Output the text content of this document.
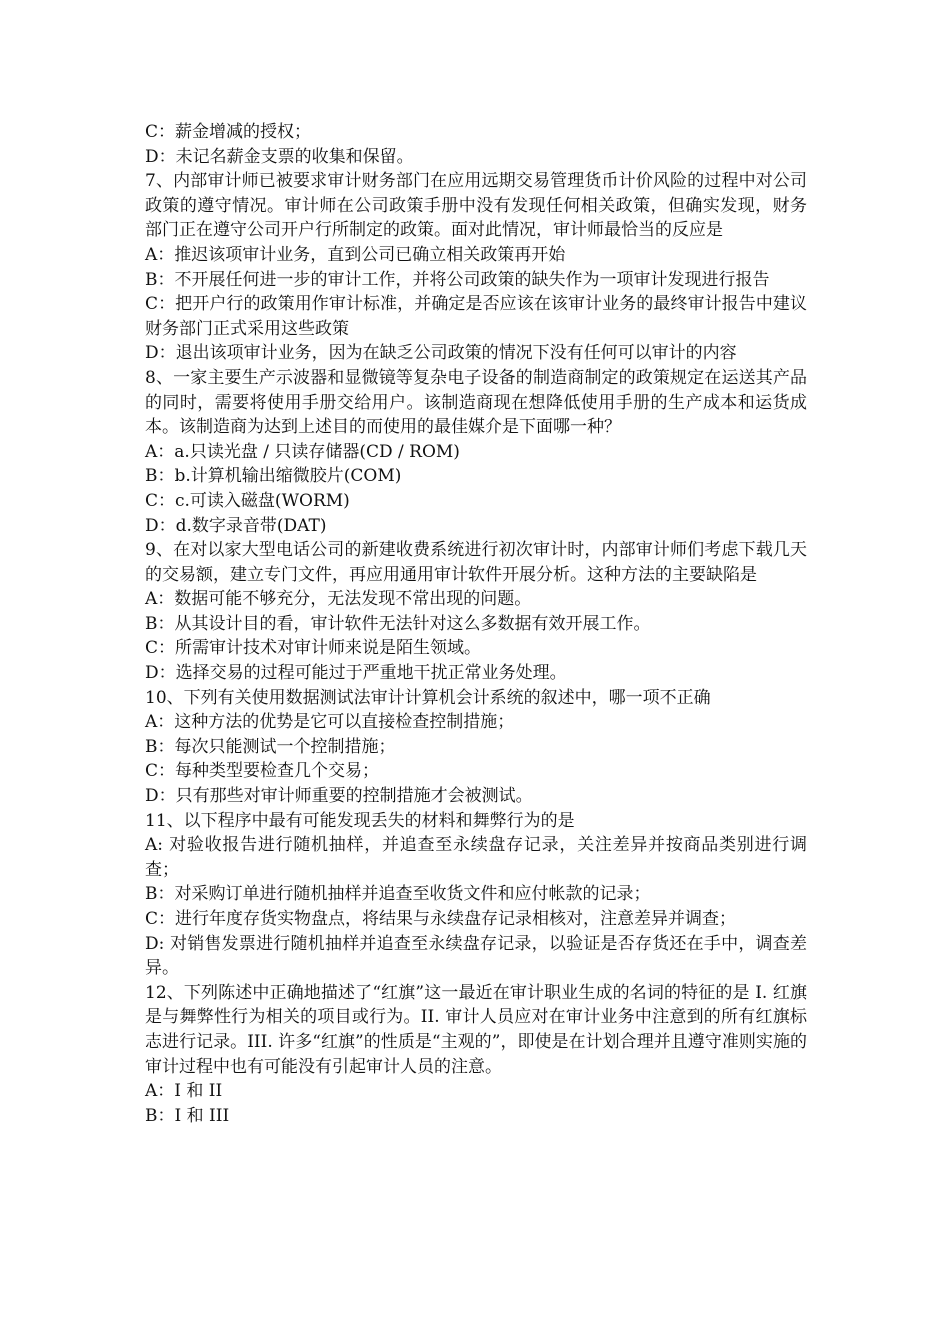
C：薪金增减的授权；

D：未记名薪金支票的收集和保留。

7、内部审计师已被要求审计财务部门在应用远期交易管理货币计价风险的过程中对公司政策的遵守情况。审计师在公司政策手册中没有发现任何相关政策，但确实发现，财务部门正在遵守公司开户行所制定的政策。面对此情况，审计师最恰当的反应是

A：推迟该项审计业务，直到公司已确立相关政策再开始

B：不开展任何进一步的审计工作，并将公司政策的缺失作为一项审计发现进行报告

C：把开户行的政策用作审计标准，并确定是否应该在该审计业务的最终审计报告中建议财务部门正式采用这些政策

D：退出该项审计业务，因为在缺乏公司政策的情况下没有任何可以审计的内容

8、一家主要生产示波器和显微镜等复杂电子设备的制造商制定的政策规定在运送其产品的同时，需要将使用手册交给用户。该制造商现在想降低使用手册的生产成本和运货成本。该制造商为达到上述目的而使用的最佳媒介是下面哪一种？

A：a.只读光盘 / 只读存储器(CD / ROM)

B：b.计算机输出缩微胶片(COM)

C：c.可读入磁盘(WORM)

D：d.数字录音带(DAT)

9、在对以家大型电话公司的新建收费系统进行初次审计时，内部审计师们考虑下载几天的交易额，建立专门文件，再应用通用审计软件开展分析。这种方法的主要缺陷是

A：数据可能不够充分，无法发现不常出现的问题。

B：从其设计目的看，审计软件无法针对这么多数据有效开展工作。

C：所需审计技术对审计师来说是陌生领域。

D：选择交易的过程可能过于严重地干扰正常业务处理。

10、下列有关使用数据测试法审计计算机会计系统的叙述中，哪一项不正确

A：这种方法的优势是它可以直接检查控制措施；

B：每次只能测试一个控制措施；

C：每种类型要检查几个交易；

D：只有那些对审计师重要的控制措施才会被测试。

11、以下程序中最有可能发现丢失的材料和舞弊行为的是

A: 对验收报告进行随机抽样，并追查至永续盘存记录，关注差异并按商品类别进行调查；

B：对采购订单进行随机抽样并追查至收货文件和应付帐款的记录；

C：进行年度存货实物盘点，将结果与永续盘存记录相核对，注意差异并调查；

D: 对销售发票进行随机抽样并追查至永续盘存记录，以验证是否存货还在手中，调查差异。

12、下列陈述中正确地描述了“红旗”这一最近在审计职业生成的名词的特征的是 I. 红旗是与舞弊性行为相关的项目或行为。II. 审计人员应对在审计业务中注意到的所有红旗标志进行记录。III. 许多“红旗”的性质是“主观的”，即使是在计划合理并且遵守准则实施的审计过程中也有可能没有引起审计人员的注意。

A：I 和 II

B：I 和 III
